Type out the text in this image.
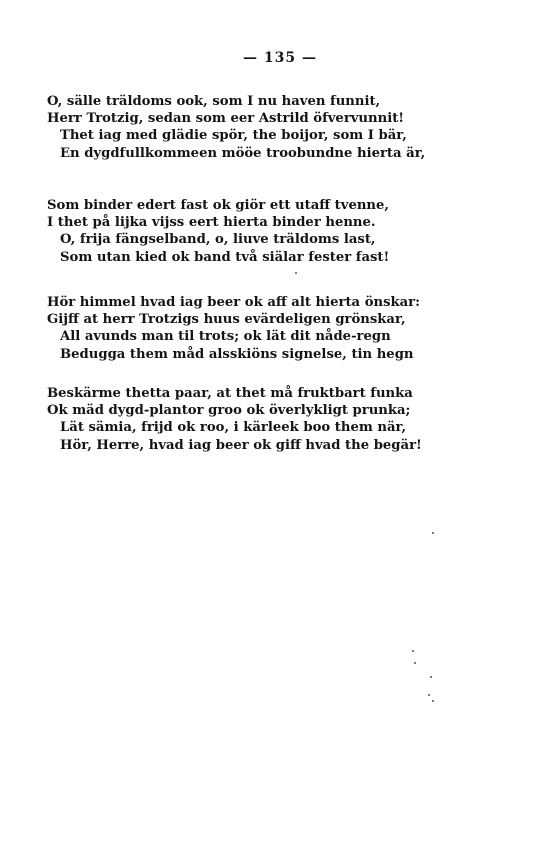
— 135 —
O, sälle träldoms ook, som I nu haven funnit,
Herr Trotzig, sedan som eer Astrild öfvervunnit!
Thet iag med glädie spör, the boijor, som I bär,
En dygdfullkommeen mööe troobundne hierta är,
Som binder edert fast ok giör ett utaff tvenne,
I thet på lijka vijss eert hierta binder henne.
O, frija fängselband, o, liuve träldoms last,
Som utan kied ok band två siälar fester fast!
Hör himmel hvad iag beer ok aff alt hierta önskar:
Gijff at herr Trotzigs huus evärdeligen grönskar,
All avunds man til trots; ok lät dit nåde-regn
Bedugga them måd alsskiöns signelse, tin hegn
Beskärme thetta paar, at thet må fruktbart funka
Ok mäd dygd-plantor groo ok överlykligt prunka;
Lät sämia, frijd ok roo, i kärleek boo them när,
Hör, Herre, hvad iag beer ok giff hvad the begär!
